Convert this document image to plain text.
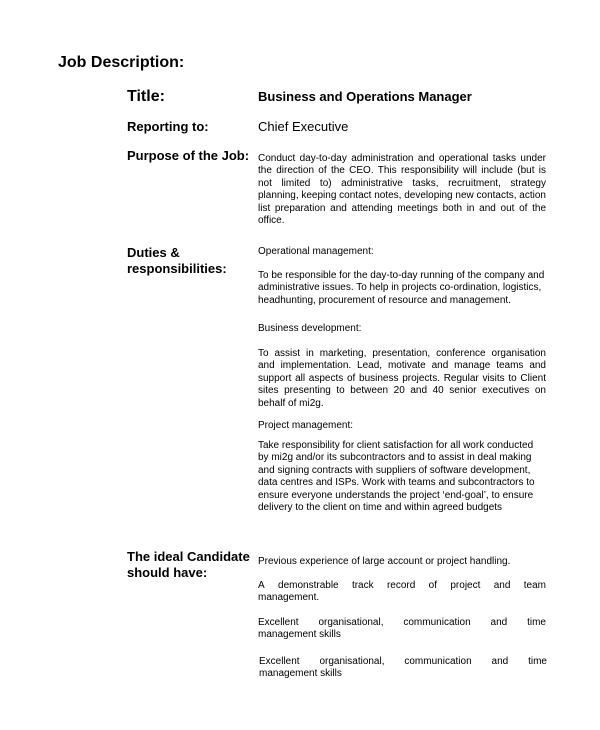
Job Description:
Title:	Business and Operations Manager
Reporting to:	Chief Executive
Purpose of the Job: Conduct day-to-day administration and operational tasks under the direction of the CEO. This responsibility will include (but is not limited to) administrative tasks, recruitment, strategy planning, keeping contact notes, developing new contacts, action list preparation and attending meetings both in and out of the office.
Duties &
responsibilities:
Operational management:
To be responsible for the day-to-day running of the company and administrative issues. To help in projects co-ordination, logistics, headhunting, procurement of resource and management.
Business development:
To assist in marketing, presentation, conference organisation and implementation. Lead, motivate and manage teams and support all aspects of business projects. Regular visits to Client sites presenting to between 20 and 40 senior executives on behalf of mi2g.
Project management:
Take responsibility for client satisfaction for all work conducted by mi2g and/or its subcontractors and to assist in deal making and signing contracts with suppliers of software development, data centres and ISPs. Work with teams and subcontractors to ensure everyone understands the project ‘end-goal’, to ensure delivery to the client on time and within agreed budgets
The ideal Candidate
should have:
Previous experience of large account or project handling.
A demonstrable track record of project and team
management.
Excellent organisational, communication and time
management skills
Excellent organisational, communication and time
management skills
